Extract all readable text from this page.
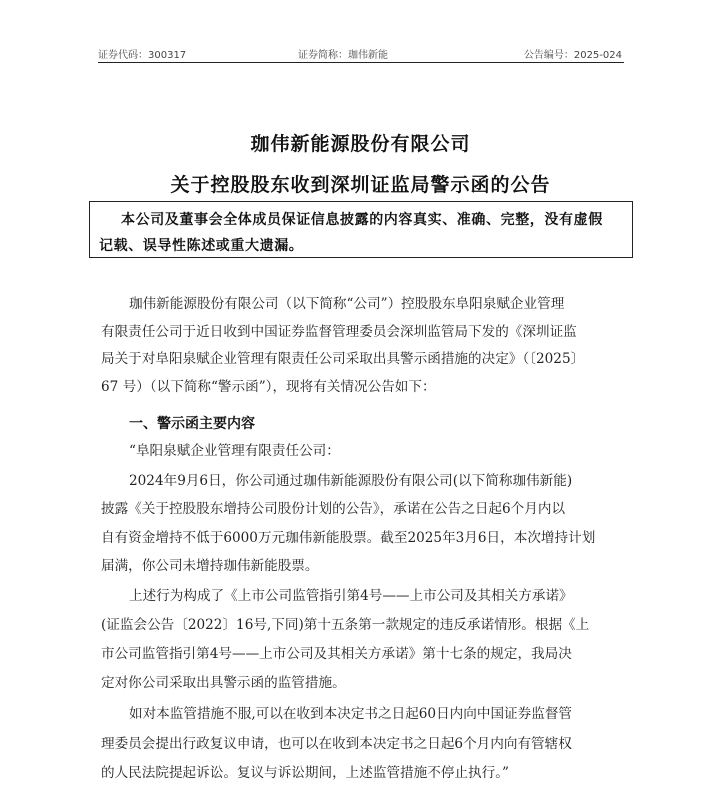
证券代码：300317	证券简称：珈伟新能	公告编号：2025-024
珈伟新能源股份有限公司
关于控股股东收到深圳证监局警示函的公告
本公司及董事会全体成员保证信息披露的内容真实、准确、完整，没有虚假
记载、误导性陈述或重大遗漏。
珈伟新能源股份有限公司（以下简称“公司”）控股股东阜阳泉赋企业管理
有限责任公司于近日收到中国证券监督管理委员会深圳监管局下发的《深圳证监
局关于对阜阳泉赋企业管理有限责任公司采取出具警示函措施的决定》（〔2025〕
67 号）（以下简称“警示函”），现将有关情况公告如下：
一、警示函主要内容
“阜阳泉赋企业管理有限责任公司：
2024年9月6日，你公司通过珈伟新能源股份有限公司(以下简称珈伟新能)
披露《关于控股股东增持公司股份计划的公告》，承诺在公告之日起6个月内以
自有资金增持不低于6000万元珈伟新能股票。截至2025年3月6日，本次增持计划
届满，你公司未增持珈伟新能股票。
上述行为构成了《上市公司监管指引第4号——上市公司及其相关方承诺》
(证监会公告〔2022〕16号,下同)第十五条第一款规定的违反承诺情形。根据《上
市公司监管指引第4号——上市公司及其相关方承诺》第十七条的规定，我局决
定对你公司采取出具警示函的监管措施。
如对本监管措施不服,可以在收到本决定书之日起60日内向中国证券监督管
理委员会提出行政复议申请，也可以在收到本决定书之日起6个月内向有管辖权
的人民法院提起诉讼。复议与诉讼期间，上述监管措施不停止执行。”
